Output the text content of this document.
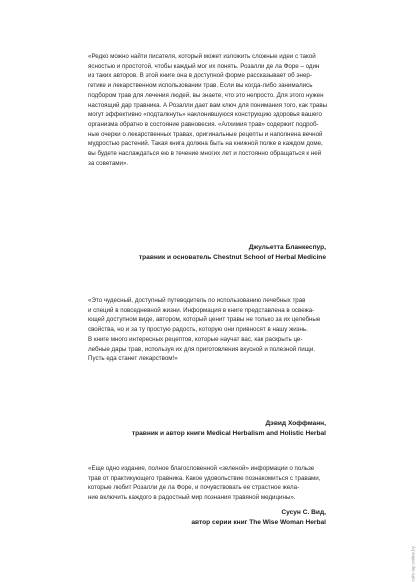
«Редко можно найти писателя, который может изложить сложные идеи с такой
ясностью и простотой, чтобы каждый мог их понять. Розалли де ла Форе – один
из таких авторов. В этой книге она в доступной форме рассказывает об энер-
гетике и лекарственном использовании трав. Если вы когда-либо занимались
подбором трав для лечения людей, вы знаете, что это непросто. Для этого нужен
настоящий дар травника. А Розалли дает вам ключ для понимания того, как травы
могут эффективно «подталкнуть» наклонившуюся конструкцию здоровья вашего
организма обратно в состояние равновесия. «Алхимия трав» содержит подроб-
ные очерки о лекарственных травах, оригинальные рецепты и наполнена вечной
мудростью растений. Такая книга должна быть на книжной полке в каждом доме,
вы будете наслаждаться ею в течение многих лет и постоянно обращаться к ней
за советами».

Джульетта Бланкеспур,
травник и основатель Chestnut School of Herbal Medicine

«Это чудесный, доступный путеводитель по использованию лечебных трав
и специй в повседневной жизни. Информация в книге представлена в освежа-
ющей доступном виде, автором, который ценит травы не только за их целебные
свойства, но и за ту простую радость, которую они привносят в нашу жизнь.
В книге много интересных рецептов, которые научат вас, как раскрыть це-
лебные дары трав, используя их для приготовления вкусной и полезной пищи.
Пусть еда станет лекарством!»

Дэвид Хоффманн,
травник и автор книги Medical Herbalism and Holistic Herbal

«Еще одно издание, полное благословенной «зеленой» информации о пользе
трав от практикующего травника. Какое удовольствие познакомиться с травами,
которые любит Розалли де ла Форе, и почувствовать ее страстное жела-
ние включить каждого в радостный мир познания травяной медицины».

Сусун С. Вид,
автор серии книг The Wise Woman Herbal
cafe-tap.online.by
